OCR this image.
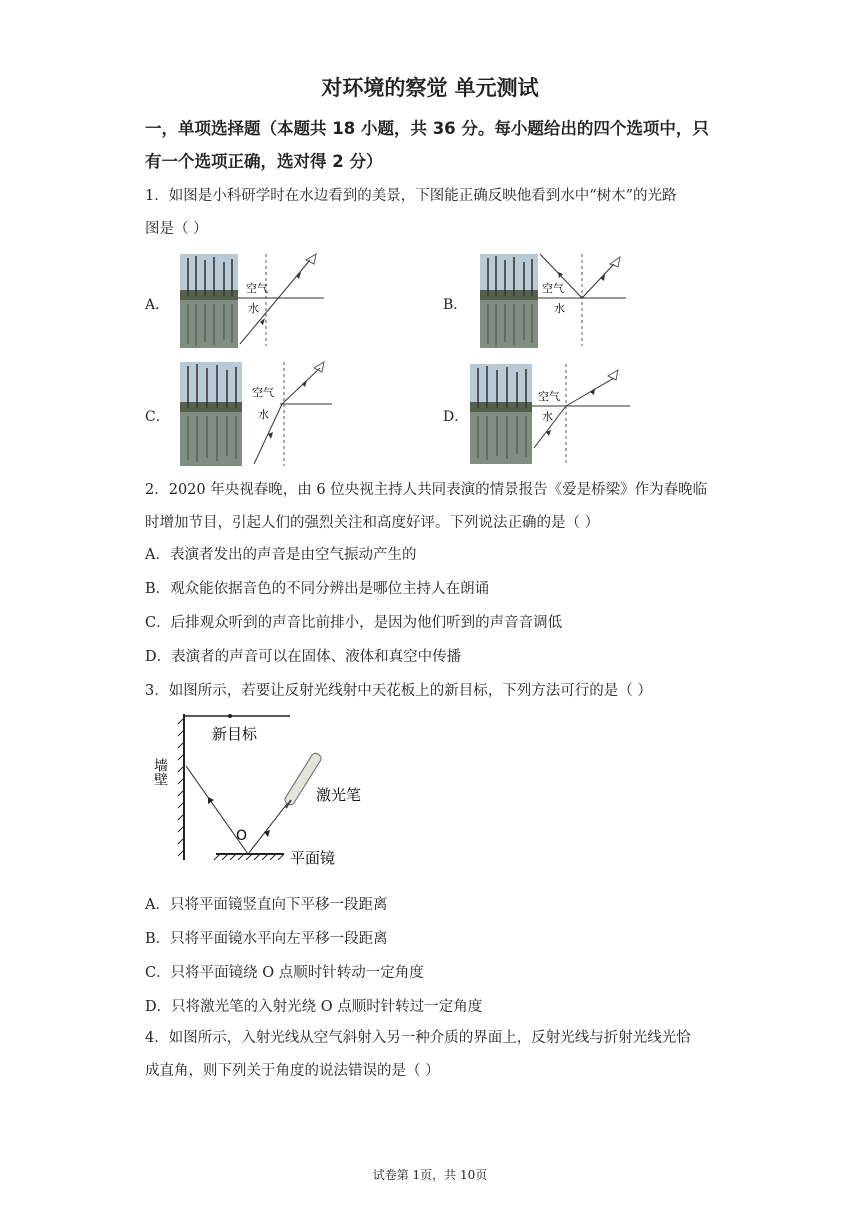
对环境的察觉 单元测试
一，单项选择题（本题共 18 小题，共 36 分。每小题给出的四个选项中，只
有一个选项正确，选对得 2 分）
1．如图是小科研学时在水边看到的美景，下图能正确反映他看到水中“树木”的光路
图是（ ）
A．
空气
水	B．
空气
水
C．
空气
水	D．
空气
水
2．2020 年央视春晚，由 6 位央视主持人共同表演的情景报告《爱是桥梁》作为春晚临
时增加节目，引起人们的强烈关注和高度好评。下列说法正确的是（ ）
A．表演者发出的声音是由空气振动产生的
B．观众能依据音色的不同分辨出是哪位主持人在朗诵
C．后排观众听到的声音比前排小，是因为他们听到的声音音调低
D．表演者的声音可以在固体、液体和真空中传播
3．如图所示，若要让反射光线射中天花板上的新目标，下列方法可行的是（ ）
新目标
墙壁
平面镜
O
激光笔
A．只将平面镜竖直向下平移一段距离
B．只将平面镜水平向左平移一段距离
C．只将平面镜绕 O 点顺时针转动一定角度
D．只将激光笔的入射光绕 O 点顺时针转过一定角度
4．如图所示，入射光线从空气斜射入另一种介质的界面上，反射光线与折射光线光恰
成直角，则下列关于角度的说法错误的是（ ）
试卷第 1页，共 10页
